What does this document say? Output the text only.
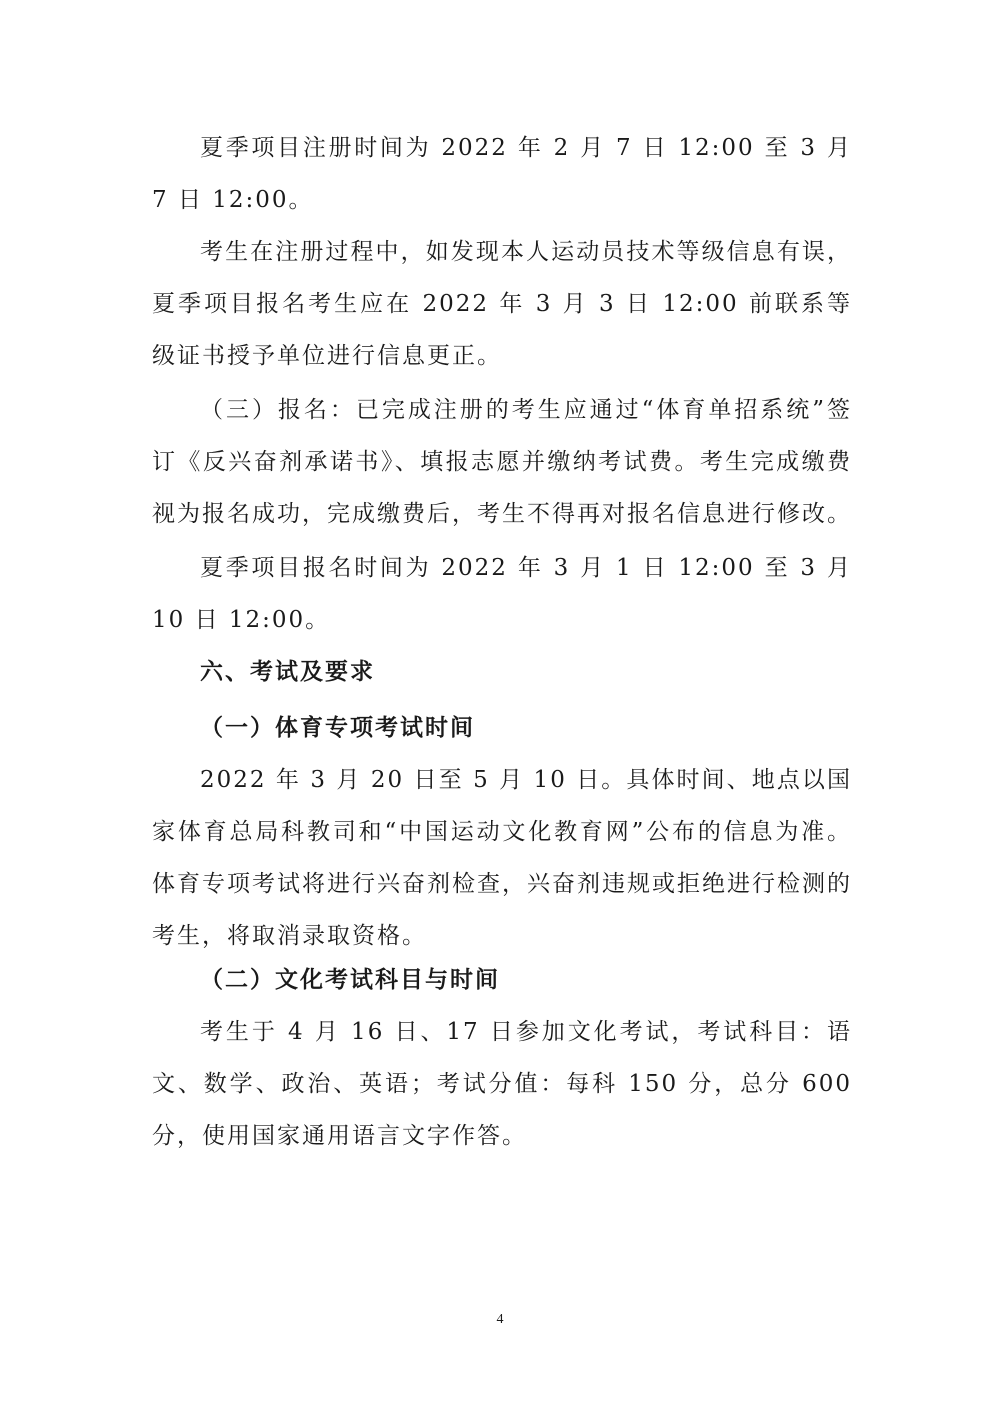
夏季项目注册时间为 2022 年 2 月 7 日 12:00 至 3 月 7 日 12:00。

考生在注册过程中，如发现本人运动员技术等级信息有误，夏季项目报名考生应在 2022 年 3 月 3 日 12:00 前联系等级证书授予单位进行信息更正。

（三）报名：已完成注册的考生应通过“体育单招系统”签订《反兴奋剂承诺书》、填报志愿并缴纳考试费。考生完成缴费视为报名成功，完成缴费后，考生不得再对报名信息进行修改。

夏季项目报名时间为 2022 年 3 月 1 日 12:00 至 3 月 10 日 12:00。

六、考试及要求
（一）体育专项考试时间

2022 年 3 月 20 日至 5 月 10 日。具体时间、地点以国家体育总局科教司和“中国运动文化教育网”公布的信息为准。体育专项考试将进行兴奋剂检查，兴奋剂违规或拒绝进行检测的考生，将取消录取资格。

（二）文化考试科目与时间

考生于 4 月 16 日、17 日参加文化考试，考试科目：语文、数学、政治、英语；考试分值：每科 150 分，总分 600 分，使用国家通用语言文字作答。

4
